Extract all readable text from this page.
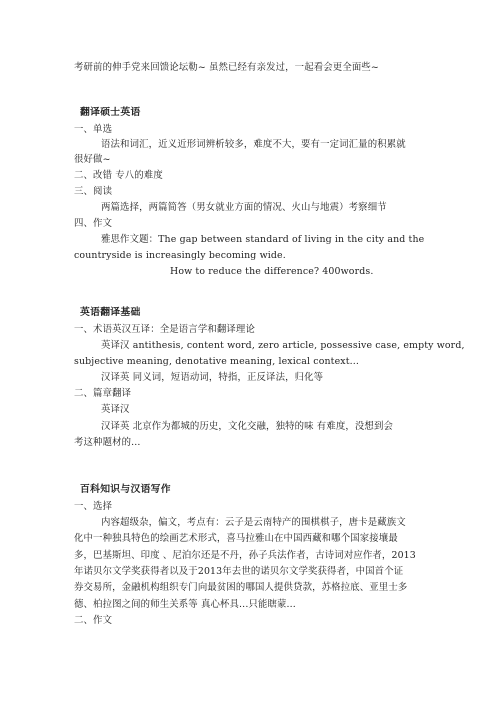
考研前的伸手党来回馈论坛勒~ 虽然已经有亲发过，一起看会更全面些~
翻译硕士英语
一、单选
语法和词汇，近义近形词辨析较多，难度不大，要有一定词汇量的积累就
很好做~
二、改错 专八的难度
三、阅读
两篇选择，两篇简答（男女就业方面的情况、火山与地震）考察细节
四、作文
雅思作文题：The gap between standard of living in the city and the
countryside is increasingly becoming wide.
How to reduce the difference? 400words.
英语翻译基础
一、术语英汉互译：全是语言学和翻译理论
英译汉 antithesis, content word, zero article, possessive case, empty word,
subjective meaning, denotative meaning, lexical context...
汉译英 同义词，短语动词，特指，正反译法，归化等
二、篇章翻译
英译汉
汉译英 北京作为都城的历史，文化交融，独特的味 有难度，没想到会
考这种题材的...
百科知识与汉语写作
一、选择
内容超级杂，偏文，考点有：云子是云南特产的围棋棋子，唐卡是藏族文
化中一种独具特色的绘画艺术形式，喜马拉雅山在中国西藏和哪个国家接壤最
多，巴基斯坦、印度 、尼泊尔还是不丹，孙子兵法作者，古诗词对应作者，2013
年诺贝尔文学奖获得者以及于2013年去世的诺贝尔文学奖获得者，中国首个证
券交易所，金融机构组织专门向最贫困的哪国人提供贷款，苏格拉底、亚里士多
德、柏拉图之间的师生关系等 真心杯具...只能瞎蒙...
二、作文
